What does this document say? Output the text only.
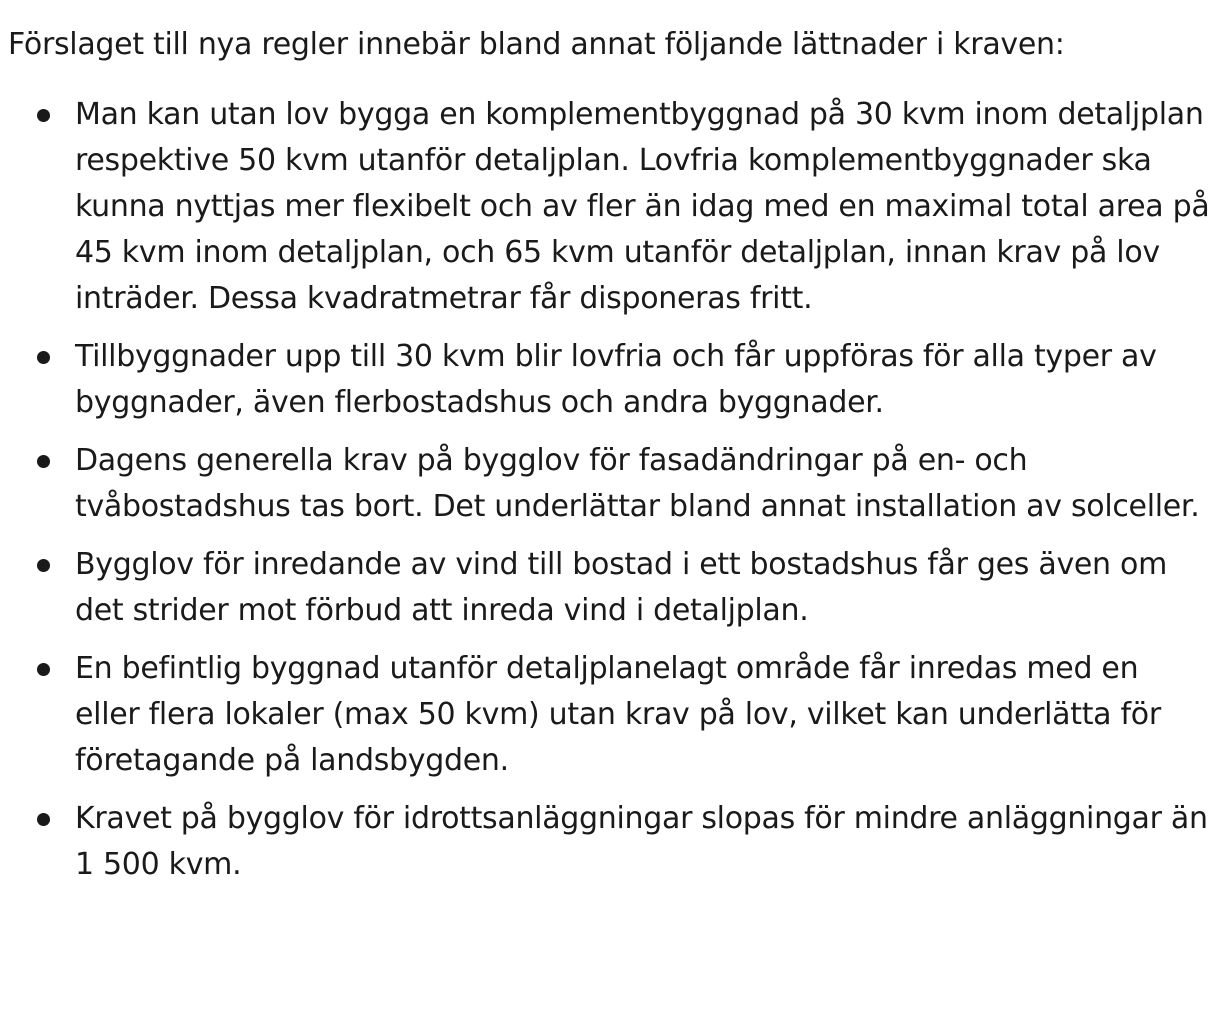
Förslaget till nya regler innebär bland annat följande lättnader i kraven:

Man kan utan lov bygga en komplementbyggnad på 30 kvm inom detaljplan respektive 50 kvm utanför detaljplan. Lovfria komplementbyggnader ska kunna nyttjas mer flexibelt och av fler än idag med en maximal total area på 45 kvm inom detaljplan, och 65 kvm utanför detaljplan, innan krav på lov inträder. Dessa kvadratmetrar får disponeras fritt.
Tillbyggnader upp till 30 kvm blir lovfria och får uppföras för alla typer av byggnader, även flerbostadshus och andra byggnader.
Dagens generella krav på bygglov för fasadändringar på en- och tvåbostadshus tas bort. Det underlättar bland annat installation av solceller.
Bygglov för inredande av vind till bostad i ett bostadshus får ges även om det strider mot förbud att inreda vind i detaljplan.
En befintlig byggnad utanför detaljplanelagt område får inredas med en eller flera lokaler (max 50 kvm) utan krav på lov, vilket kan underlätta för företagande på landsbygden.
Kravet på bygglov för idrottsanläggningar slopas för mindre anläggningar än 1 500 kvm.
